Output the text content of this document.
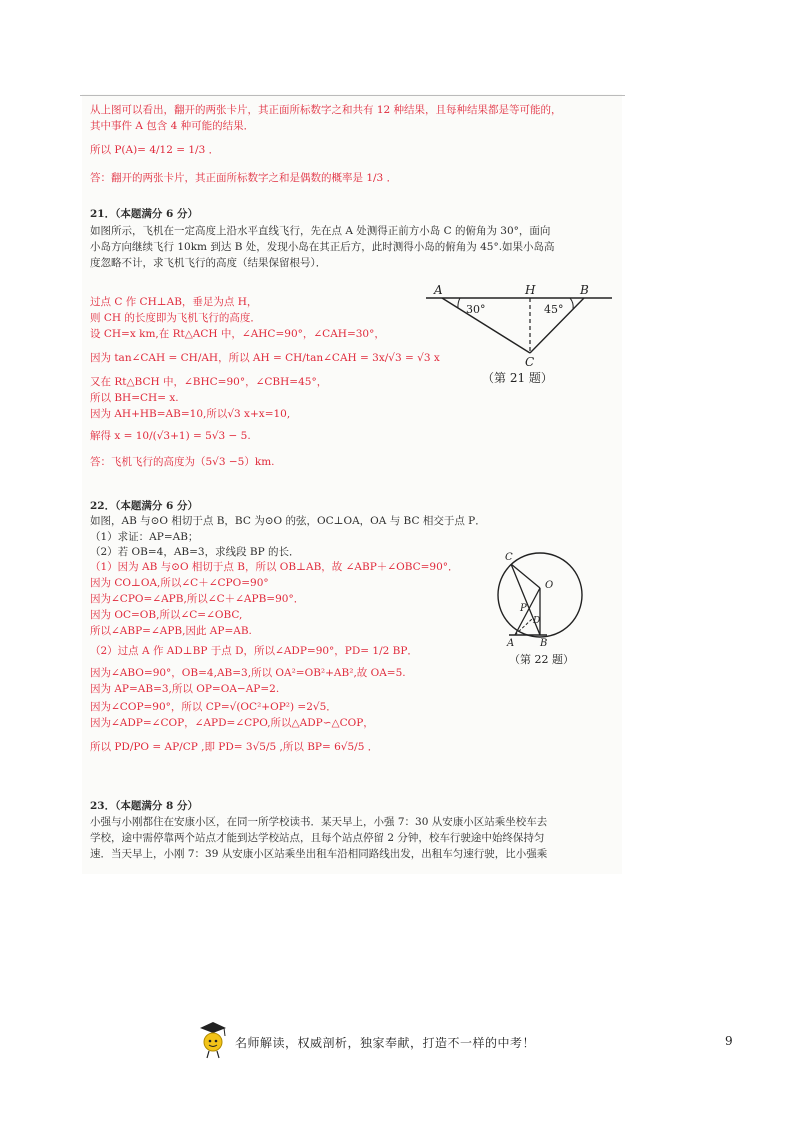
从上图可以看出，翻开的两张卡片，其正面所标数字之和共有 12 种结果，且每种结果都是等可能的，
其中事件 A 包含 4 种可能的结果．
所以 P(A)= 4/12 = 1/3 ．
答：翻开的两张卡片，其正面所标数字之和是偶数的概率是 1/3 ．
21．（本题满分 6 分）
如图所示，飞机在一定高度上沿水平直线飞行，先在点 A 处测得正前方小岛 C 的俯角为 30°，面向
小岛方向继续飞行 10km 到达 B 处，发现小岛在其正后方，此时测得小岛的俯角为 45°.如果小岛高
度忽略不计，求飞机飞行的高度（结果保留根号）．
过点 C 作 CH⊥AB，垂足为点 H，
则 CH 的长度即为飞机飞行的高度．
设 CH=x km,在 Rt△ACH 中，∠AHC=90°，∠CAH=30°，
因为 tan∠CAH = CH/AH，所以 AH = CH/tan∠CAH = 3x/√3 = √3 x
又在 Rt△BCH 中，∠BHC=90°，∠CBH=45°，
所以 BH=CH= x.
因为 AH+HB=AB=10,所以√3 x+x=10,
解得 x = 10/(√3+1) = 5√3 − 5.
答：飞机飞行的高度为（5√3 −5）km.
A	H	B
C
30°	45°
（第 21 题）
22．（本题满分 6 分）
如图，AB 与⊙O 相切于点 B，BC 为⊙O 的弦，OC⊥OA，OA 与 BC 相交于点 P．
（1）求证：AP=AB；
（2）若 OB=4，AB=3，求线段 BP 的长．
（1）因为 AB 与⊙O 相切于点 B，所以 OB⊥AB，故 ∠ABP＋∠OBC=90°．
因为 CO⊥OA,所以∠C＋∠CPO=90°
因为∠CPO=∠APB,所以∠C＋∠APB=90°．
因为 OC=OB,所以∠C=∠OBC,
所以∠ABP=∠APB,因此 AP=AB.
（2）过点 A 作 AD⊥BP 于点 D，所以∠ADP=90°，PD= 1/2 BP．
因为∠ABO=90°，OB=4,AB=3,所以 OA²=OB²+AB²,故 OA=5.
因为 AP=AB=3,所以 OP=OA−AP=2.
因为∠COP=90°，所以 CP=√(OC²+OP²) =2√5．
因为∠ADP=∠COP，∠APD=∠CPO,所以△ADP∽△COP，
所以 PD/PO = AP/CP ,即 PD= 3√5/5 ,所以 BP= 6√5/5 ．
C
O
P
D
A	B
（第 22 题）
23．（本题满分 8 分）
小强与小刚都住在安康小区，在同一所学校读书．某天早上，小强 7：30 从安康小区站乘坐校车去
学校，途中需停靠两个站点才能到达学校站点，且每个站点停留 2 分钟，校车行驶途中始终保持匀
速．当天早上，小刚 7：39 从安康小区站乘坐出租车沿相同路线出发，出租车匀速行驶，比小强乘
名师解读，权威剖析，独家奉献，打造不一样的中考！	9
